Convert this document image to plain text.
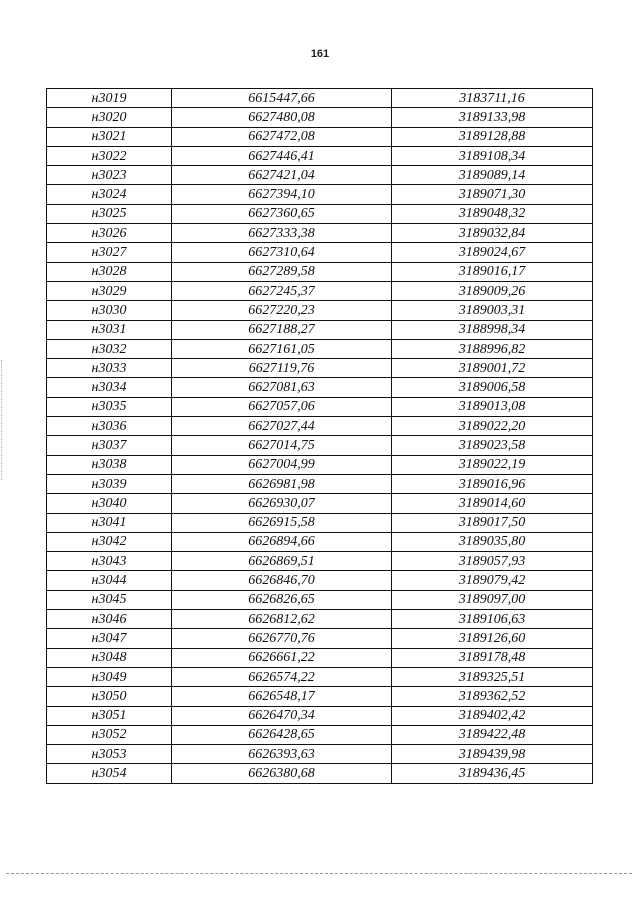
161
н3019	6615447,66	3183711,16
н3020	6627480,08	3189133,98
н3021	6627472,08	3189128,88
н3022	6627446,41	3189108,34
н3023	6627421,04	3189089,14
н3024	6627394,10	3189071,30
н3025	6627360,65	3189048,32
н3026	6627333,38	3189032,84
н3027	6627310,64	3189024,67
н3028	6627289,58	3189016,17
н3029	6627245,37	3189009,26
н3030	6627220,23	3189003,31
н3031	6627188,27	3188998,34
н3032	6627161,05	3188996,82
н3033	6627119,76	3189001,72
н3034	6627081,63	3189006,58
н3035	6627057,06	3189013,08
н3036	6627027,44	3189022,20
н3037	6627014,75	3189023,58
н3038	6627004,99	3189022,19
н3039	6626981,98	3189016,96
н3040	6626930,07	3189014,60
н3041	6626915,58	3189017,50
н3042	6626894,66	3189035,80
н3043	6626869,51	3189057,93
н3044	6626846,70	3189079,42
н3045	6626826,65	3189097,00
н3046	6626812,62	3189106,63
н3047	6626770,76	3189126,60
н3048	6626661,22	3189178,48
н3049	6626574,22	3189325,51
н3050	6626548,17	3189362,52
н3051	6626470,34	3189402,42
н3052	6626428,65	3189422,48
н3053	6626393,63	3189439,98
н3054	6626380,68	3189436,45
